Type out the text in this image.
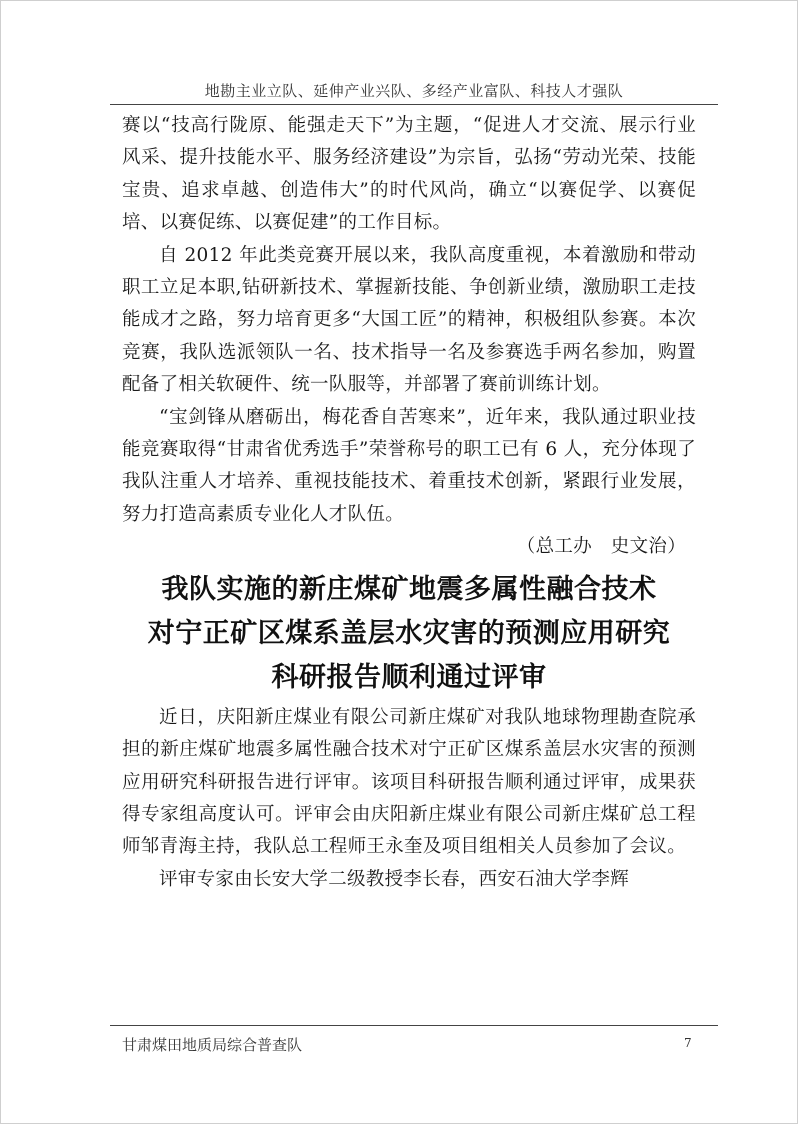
地勘主业立队、延伸产业兴队、多经产业富队、科技人才强队

赛以“技高行陇原、能强走天下”为主题，“促进人才交流、展示行业风采、提升技能水平、服务经济建设”为宗旨，弘扬“劳动光荣、技能宝贵、追求卓越、创造伟大”的时代风尚，确立“以赛促学、以赛促培、以赛促练、以赛促建”的工作目标。

自 2012 年此类竞赛开展以来，我队高度重视，本着激励和带动职工立足本职,钻研新技术、掌握新技能、争创新业绩，激励职工走技能成才之路，努力培育更多“大国工匠”的精神，积极组队参赛。本次竞赛，我队选派领队一名、技术指导一名及参赛选手两名参加，购置配备了相关软硬件、统一队服等，并部署了赛前训练计划。

“宝剑锋从磨砺出，梅花香自苦寒来”，近年来，我队通过职业技能竞赛取得“甘肃省优秀选手”荣誉称号的职工已有 6 人，充分体现了我队注重人才培养、重视技能技术、着重技术创新，紧跟行业发展，努力打造高素质专业化人才队伍。

（总工办　史文治）

我队实施的新庄煤矿地震多属性融合技术
对宁正矿区煤系盖层水灾害的预测应用研究
科研报告顺利通过评审

近日，庆阳新庄煤业有限公司新庄煤矿对我队地球物理勘查院承担的新庄煤矿地震多属性融合技术对宁正矿区煤系盖层水灾害的预测应用研究科研报告进行评审。该项目科研报告顺利通过评审，成果获得专家组高度认可。评审会由庆阳新庄煤业有限公司新庄煤矿总工程师邹青海主持，我队总工程师王永奎及项目组相关人员参加了会议。

评审专家由长安大学二级教授李长春，西安石油大学李辉

甘肃煤田地质局综合普查队	7
